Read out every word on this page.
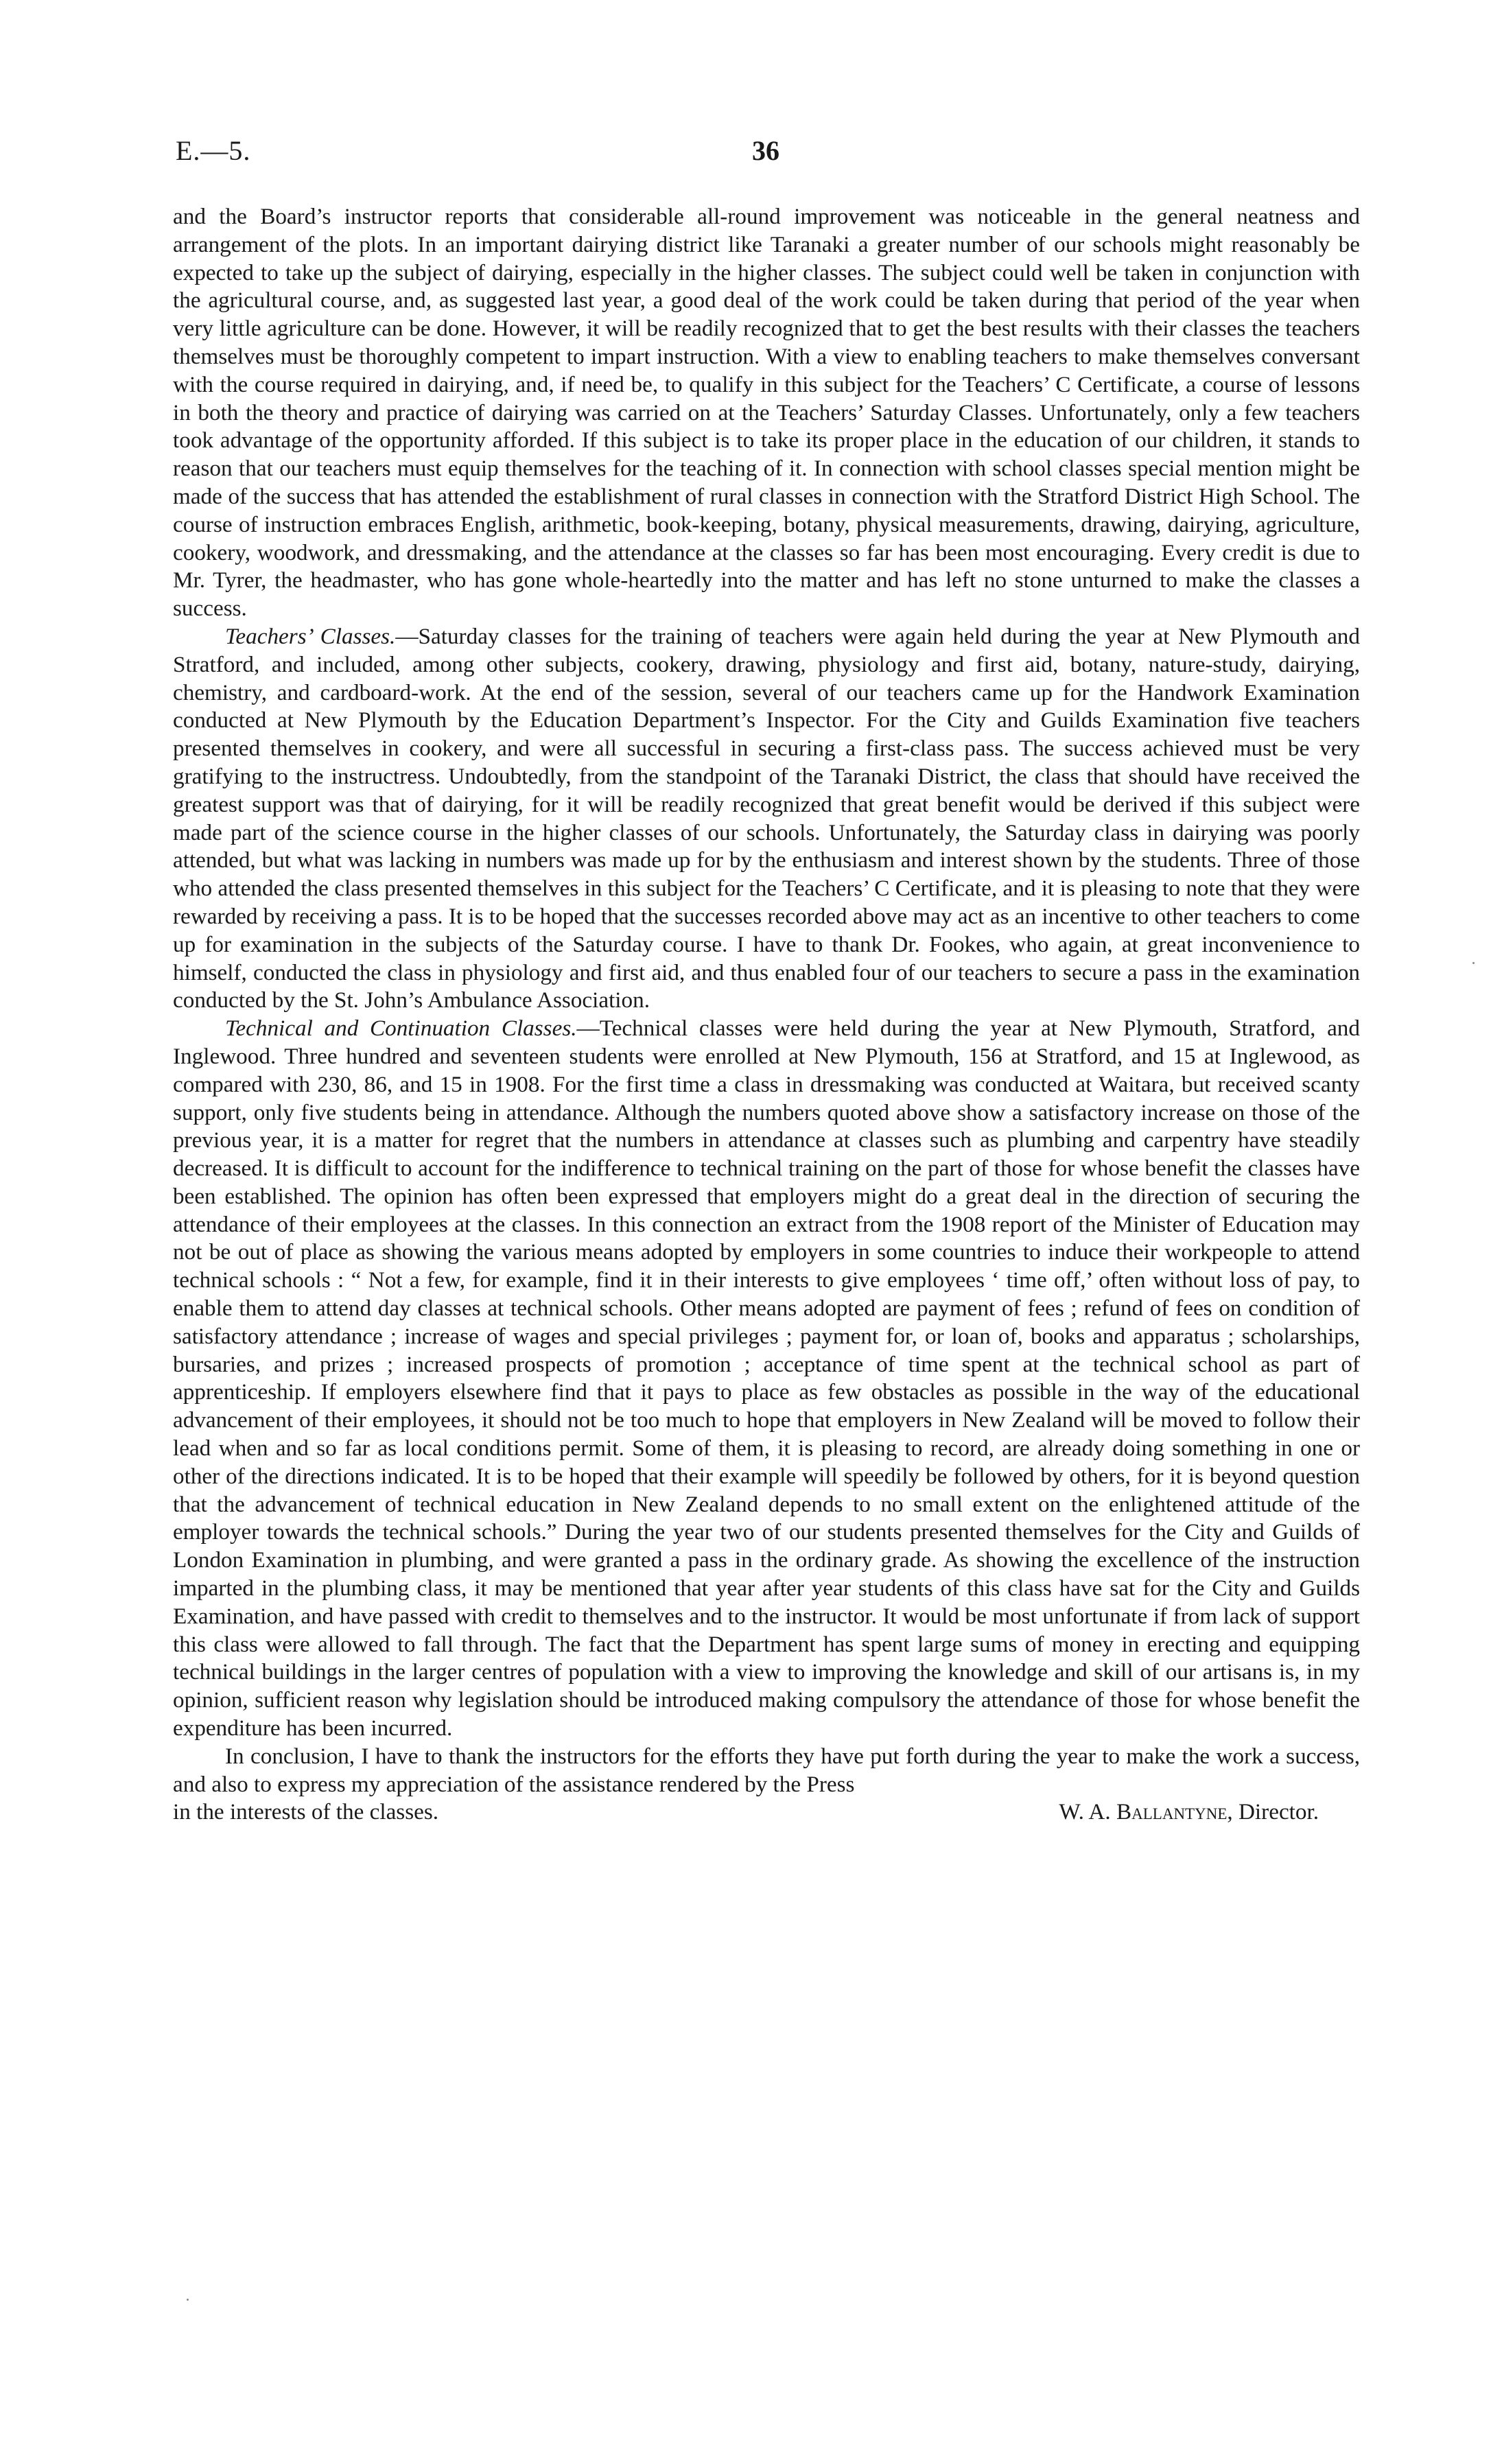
E.—5.	36

and the Board’s instructor reports that considerable all-round improvement was noticeable in the general neatness and arrangement of the plots. In an important dairying district like Taranaki a greater number of our schools might reasonably be expected to take up the subject of dairying, especially in the higher classes. The subject could well be taken in conjunction with the agricultural course, and, as suggested last year, a good deal of the work could be taken during that period of the year when very little agriculture can be done. However, it will be readily recognized that to get the best results with their classes the teachers themselves must be thoroughly competent to impart instruction. With a view to enabling teachers to make themselves conversant with the course required in dairying, and, if need be, to qualify in this subject for the Teachers’ C Certificate, a course of lessons in both the theory and practice of dairying was carried on at the Teachers’ Saturday Classes. Unfortunately, only a few teachers took advantage of the opportunity afforded. If this subject is to take its proper place in the education of our children, it stands to reason that our teachers must equip themselves for the teaching of it. In connection with school classes special mention might be made of the success that has attended the establishment of rural classes in connection with the Stratford District High School. The course of instruction embraces English, arithmetic, book-keeping, botany, physical measurements, drawing, dairying, agriculture, cookery, woodwork, and dressmaking, and the attendance at the classes so far has been most encouraging. Every credit is due to Mr. Tyrer, the headmaster, who has gone whole-heartedly into the matter and has left no stone unturned to make the classes a success.

Teachers’ Classes.—Saturday classes for the training of teachers were again held during the year at New Plymouth and Stratford, and included, among other subjects, cookery, drawing, physiology and first aid, botany, nature-study, dairying, chemistry, and cardboard-work. At the end of the session, several of our teachers came up for the Handwork Examination conducted at New Plymouth by the Education Department’s Inspector. For the City and Guilds Examination five teachers presented themselves in cookery, and were all successful in securing a first-class pass. The success achieved must be very gratifying to the instructress. Undoubtedly, from the standpoint of the Taranaki District, the class that should have received the greatest support was that of dairying, for it will be readily recognized that great benefit would be derived if this subject were made part of the science course in the higher classes of our schools. Unfortunately, the Saturday class in dairying was poorly attended, but what was lacking in numbers was made up for by the enthusiasm and interest shown by the students. Three of those who attended the class presented themselves in this subject for the Teachers’ C Certificate, and it is pleasing to note that they were rewarded by receiving a pass. It is to be hoped that the successes recorded above may act as an incentive to other teachers to come up for examination in the subjects of the Saturday course. I have to thank Dr. Fookes, who again, at great inconvenience to himself, conducted the class in physiology and first aid, and thus enabled four of our teachers to secure a pass in the examination conducted by the St. John’s Ambulance Association.

Technical and Continuation Classes.—Technical classes were held during the year at New Plymouth, Stratford, and Inglewood. Three hundred and seventeen students were enrolled at New Plymouth, 156 at Stratford, and 15 at Inglewood, as compared with 230, 86, and 15 in 1908. For the first time a class in dressmaking was conducted at Waitara, but received scanty support, only five students being in attendance. Although the numbers quoted above show a satisfactory increase on those of the previous year, it is a matter for regret that the numbers in attendance at classes such as plumbing and carpentry have steadily decreased. It is difficult to account for the indifference to technical training on the part of those for whose benefit the classes have been established. The opinion has often been expressed that employers might do a great deal in the direction of securing the attendance of their employees at the classes. In this connection an extract from the 1908 report of the Minister of Education may not be out of place as showing the various means adopted by employers in some countries to induce their workpeople to attend technical schools : “ Not a few, for example, find it in their interests to give employees ‘ time off,’ often without loss of pay, to enable them to attend day classes at technical schools. Other means adopted are payment of fees ; refund of fees on condition of satisfactory attendance ; increase of wages and special privileges ; payment for, or loan of, books and apparatus ; scholarships, bursaries, and prizes ; increased prospects of promotion ; acceptance of time spent at the technical school as part of apprenticeship. If employers elsewhere find that it pays to place as few obstacles as possible in the way of the educational advancement of their employees, it should not be too much to hope that employers in New Zealand will be moved to follow their lead when and so far as local conditions permit. Some of them, it is pleasing to record, are already doing something in one or other of the directions indicated. It is to be hoped that their example will speedily be followed by others, for it is beyond question that the advancement of technical education in New Zealand depends to no small extent on the enlightened attitude of the employer towards the technical schools.” During the year two of our students presented themselves for the City and Guilds of London Examination in plumbing, and were granted a pass in the ordinary grade. As showing the excellence of the instruction imparted in the plumbing class, it may be mentioned that year after year students of this class have sat for the City and Guilds Examination, and have passed with credit to themselves and to the instructor. It would be most unfortunate if from lack of support this class were allowed to fall through. The fact that the Department has spent large sums of money in erecting and equipping technical buildings in the larger centres of population with a view to improving the knowledge and skill of our artisans is, in my opinion, sufficient reason why legislation should be introduced making compulsory the attendance of those for whose benefit the expenditure has been incurred.

In conclusion, I have to thank the instructors for the efforts they have put forth during the year to make the work a success, and also to express my appreciation of the assistance rendered by the Press

in the interests of the classes.	W. A. Ballantyne, Director.
